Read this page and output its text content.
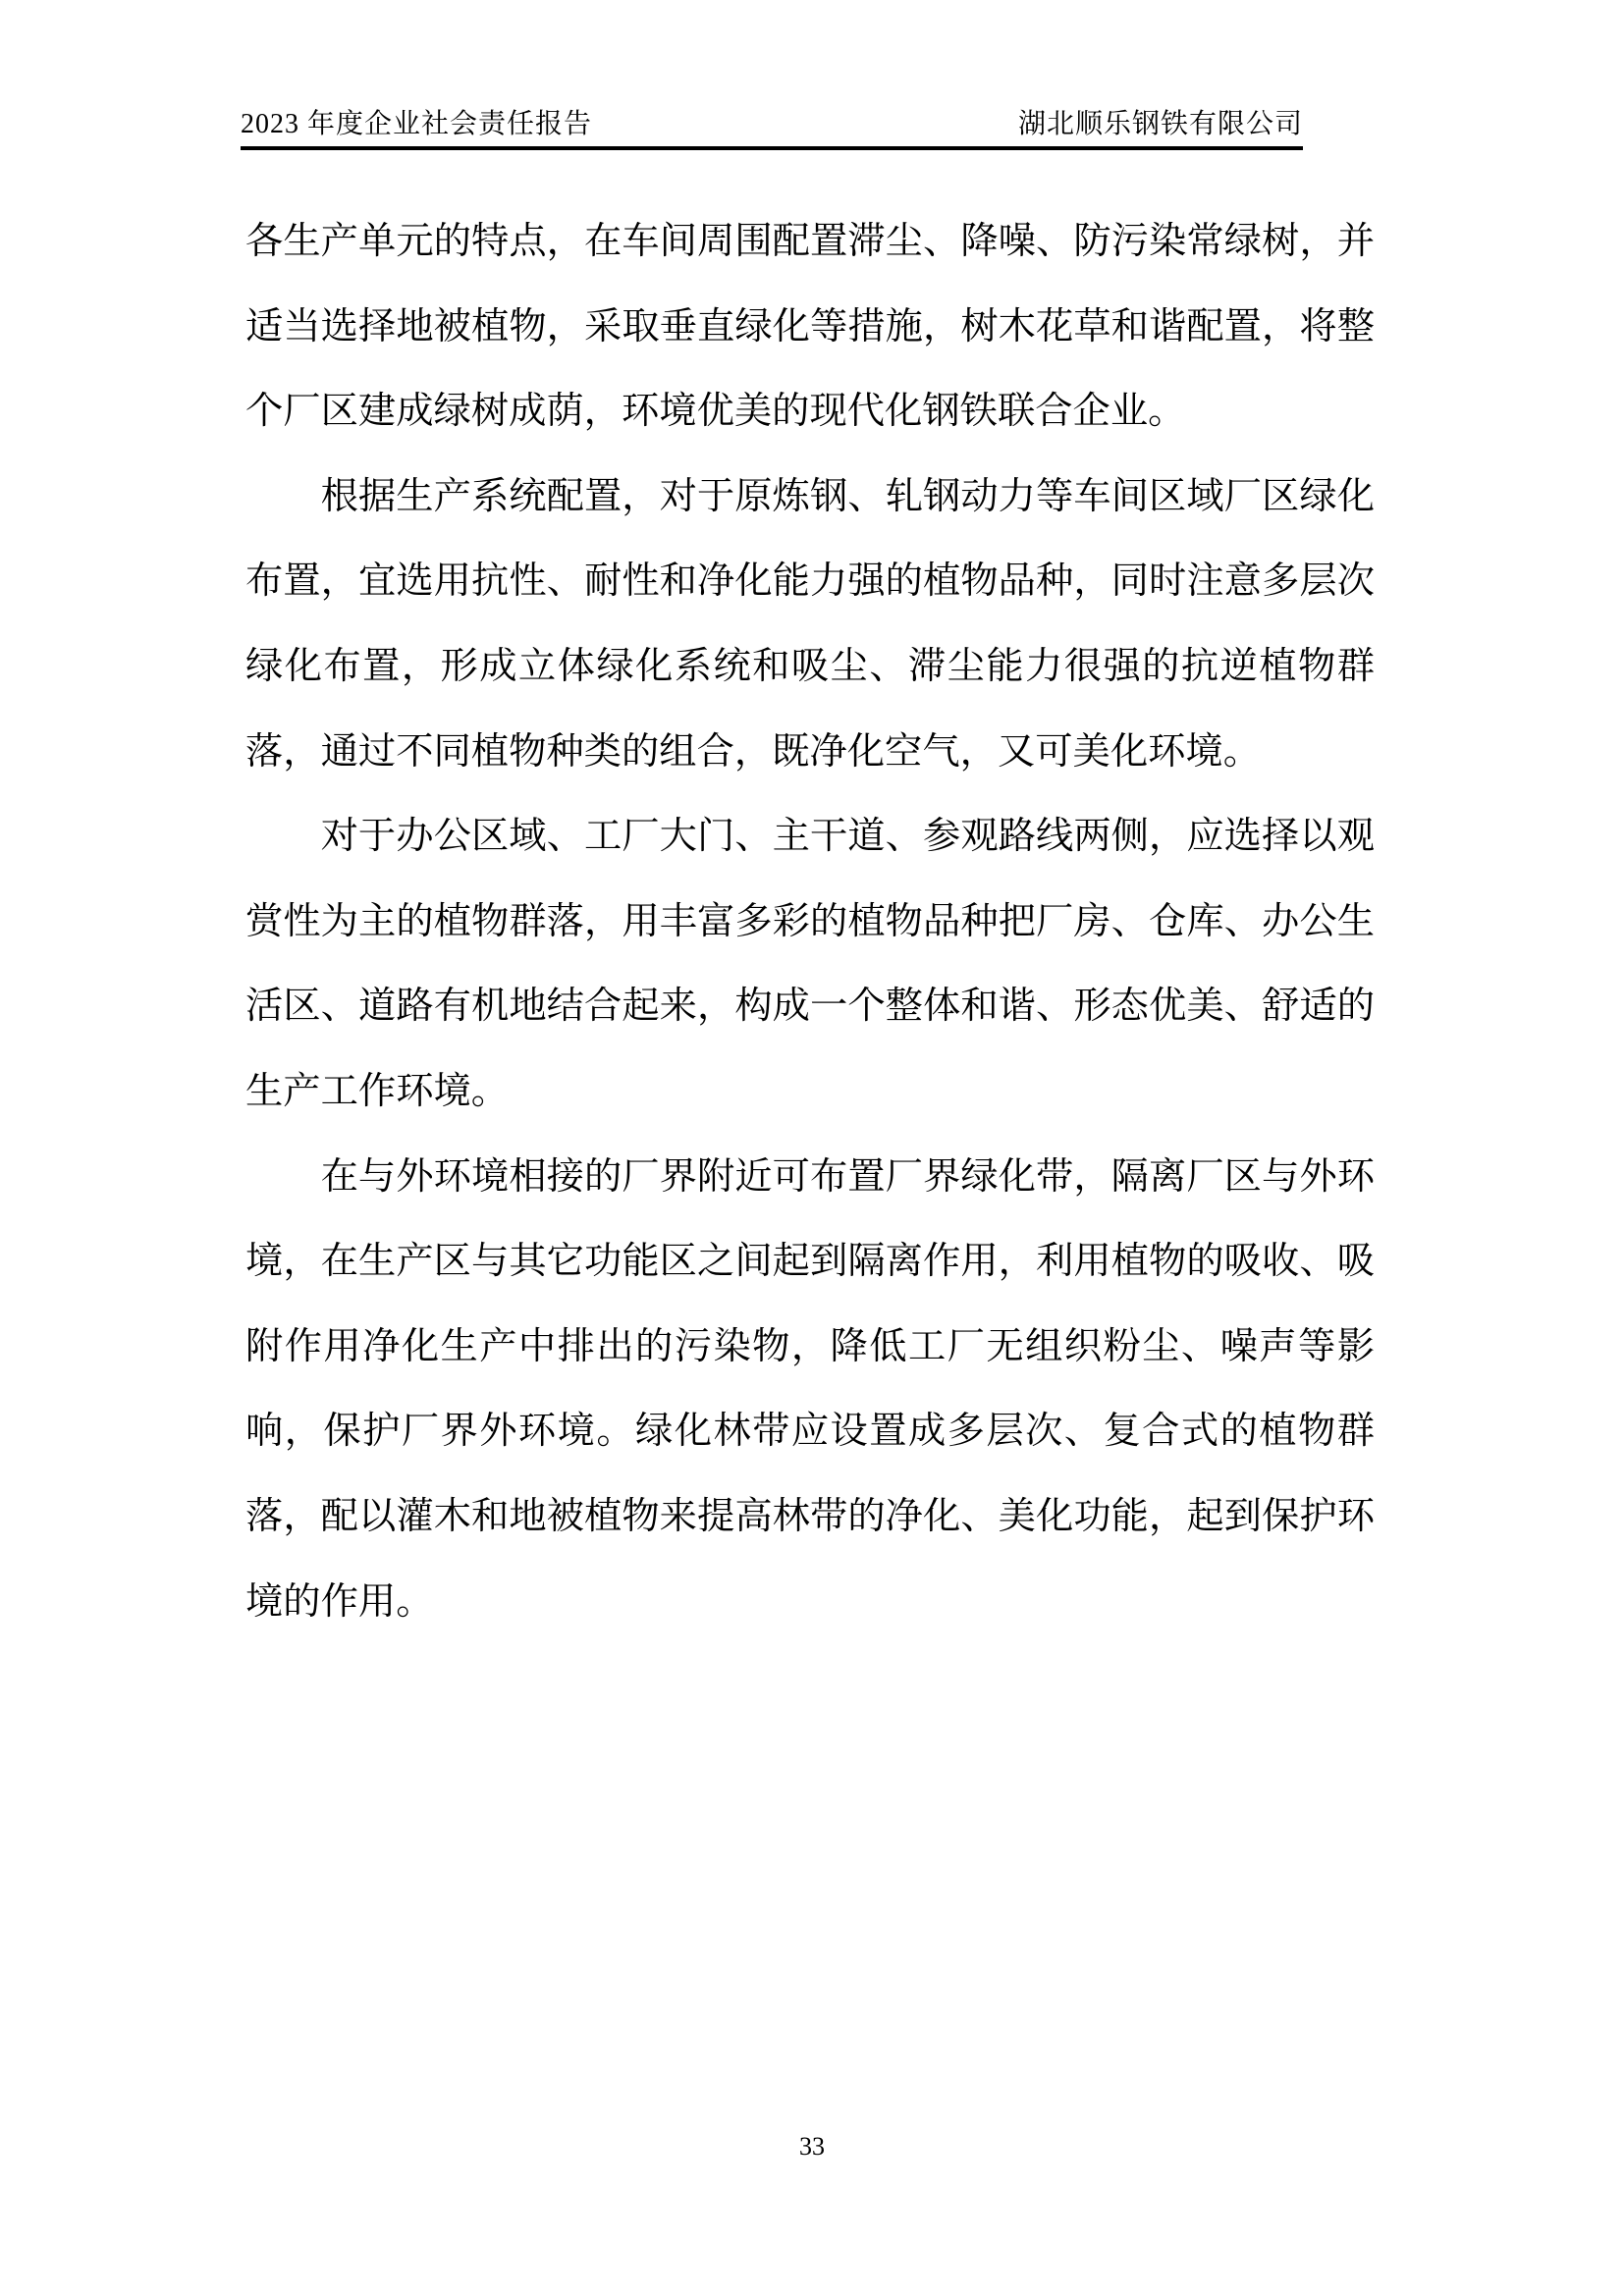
2023 年度企业社会责任报告	湖北顺乐钢铁有限公司

各生产单元的特点，在车间周围配置滞尘、降噪、防污染常绿树，并适当选择地被植物，采取垂直绿化等措施，树木花草和谐配置，将整个厂区建成绿树成荫，环境优美的现代化钢铁联合企业。

根据生产系统配置，对于原炼钢、轧钢动力等车间区域厂区绿化布置，宜选用抗性、耐性和净化能力强的植物品种，同时注意多层次绿化布置，形成立体绿化系统和吸尘、滞尘能力很强的抗逆植物群落，通过不同植物种类的组合，既净化空气，又可美化环境。

对于办公区域、工厂大门、主干道、参观路线两侧，应选择以观赏性为主的植物群落，用丰富多彩的植物品种把厂房、仓库、办公生活区、道路有机地结合起来，构成一个整体和谐、形态优美、舒适的生产工作环境。

在与外环境相接的厂界附近可布置厂界绿化带，隔离厂区与外环境，在生产区与其它功能区之间起到隔离作用，利用植物的吸收、吸附作用净化生产中排出的污染物，降低工厂无组织粉尘、噪声等影响，保护厂界外环境。绿化林带应设置成多层次、复合式的植物群落，配以灌木和地被植物来提高林带的净化、美化功能，起到保护环境的作用。

33
